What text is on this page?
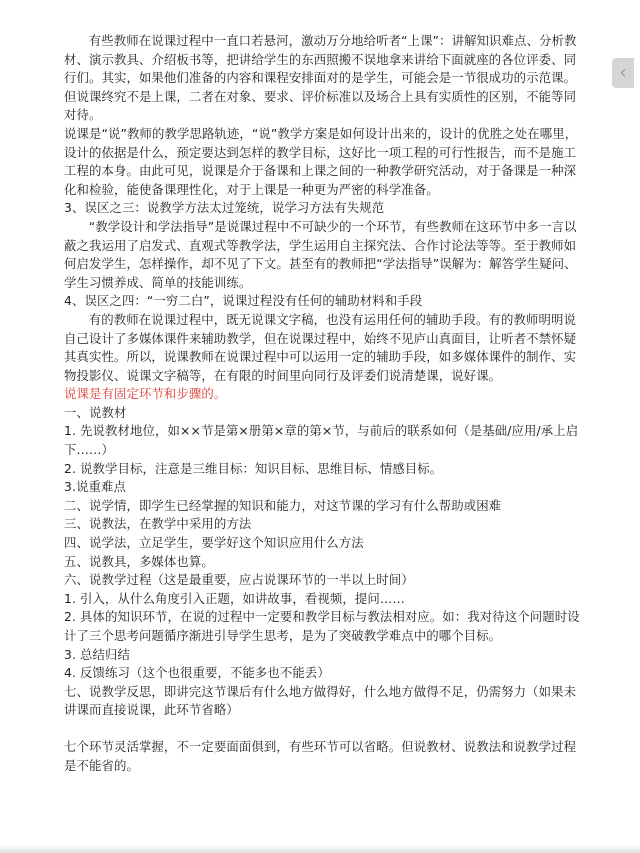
有些教师在说课过程中一直口若悬河，激动万分地给听者“上课”：讲解知识难点、分析教材、演示教具、介绍板书等，把讲给学生的东西照搬不误地拿来讲给下面就座的各位评委、同行们。其实，如果他们准备的内容和课程安排面对的是学生，可能会是一节很成功的示范课。但说课终究不是上课，二者在对象、要求、评价标准以及场合上具有实质性的区别，不能等同对待。

说课是“说”教师的教学思路轨迹，“说”教学方案是如何设计出来的，设计的优胜之处在哪里，设计的依据是什么，预定要达到怎样的教学目标，这好比一项工程的可行性报告，而不是施工工程的本身。由此可见，说课是介于备课和上课之间的一种教学研究活动，对于备课是一种深化和检验，能使备课理性化，对于上课是一种更为严密的科学准备。

3、误区之三：说教学方法太过笼统，说学习方法有失规范

“教学设计和学法指导”是说课过程中不可缺少的一个环节，有些教师在这环节中多一言以蔽之我运用了启发式、直观式等教学法，学生运用自主探究法、合作讨论法等等。至于教师如何启发学生，怎样操作，却不见了下文。甚至有的教师把“学法指导”误解为：解答学生疑问、学生习惯养成、简单的技能训练。

4、误区之四：“一穷二白”，说课过程没有任何的辅助材料和手段

有的教师在说课过程中，既无说课文字稿，也没有运用任何的辅助手段。有的教师明明说自己设计了多媒体课件来辅助教学，但在说课过程中，始终不见庐山真面目，让听者不禁怀疑其真实性。所以，说课教师在说课过程中可以运用一定的辅助手段，如多媒体课件的制作、实物投影仪、说课文字稿等，在有限的时间里向同行及评委们说清楚课，说好课。

说课是有固定环节和步骤的。

一、说教材

1. 先说教材地位，如××节是第×册第×章的第×节，与前后的联系如何（是基础/应用/承上启下……）

2. 说教学目标，注意是三维目标：知识目标、思维目标、情感目标。

3.说重难点

二、说学情，即学生已经掌握的知识和能力，对这节课的学习有什么帮助或困难

三、说教法，在教学中采用的方法

四、说学法，立足学生，要学好这个知识应用什么方法

五、说教具，多媒体也算。

六、说教学过程（这是最重要，应占说课环节的一半以上时间）

1. 引入，从什么角度引入正题，如讲故事，看视频，提问……

2. 具体的知识环节，在说的过程中一定要和教学目标与教法相对应。如：我对待这个问题时设计了三个思考问题循序渐进引导学生思考，是为了突破教学难点中的哪个目标。

3. 总结归结

4. 反馈练习（这个也很重要，不能多也不能丢）

七、说教学反思，即讲完这节课后有什么地方做得好，什么地方做得不足，仍需努力（如果未讲课而直接说课，此环节省略）

七个环节灵活掌握，不一定要面面俱到，有些环节可以省略。但说教材、说教法和说教学过程是不能省的。

‹
